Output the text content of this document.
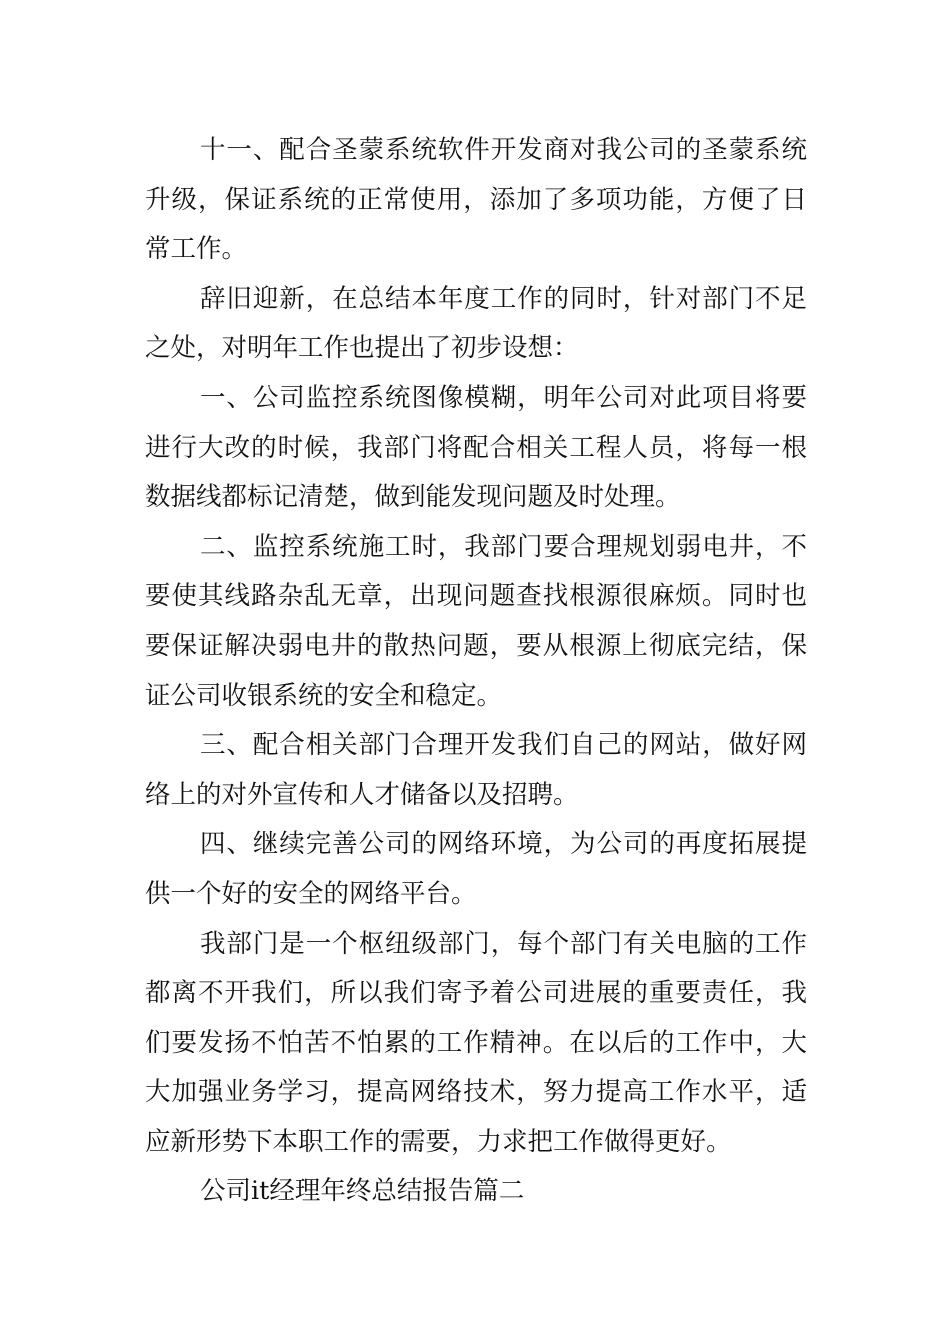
十一、配合圣蒙系统软件开发商对我公司的圣蒙系统升级，保证系统的正常使用，添加了多项功能，方便了日常工作。

辞旧迎新，在总结本年度工作的同时，针对部门不足之处，对明年工作也提出了初步设想：

一、公司监控系统图像模糊，明年公司对此项目将要进行大改的时候，我部门将配合相关工程人员，将每一根数据线都标记清楚，做到能发现问题及时处理。

二、监控系统施工时，我部门要合理规划弱电井，不要使其线路杂乱无章，出现问题查找根源很麻烦。同时也要保证解决弱电井的散热问题，要从根源上彻底完结，保证公司收银系统的安全和稳定。

三、配合相关部门合理开发我们自己的网站，做好网络上的对外宣传和人才储备以及招聘。

四、继续完善公司的网络环境，为公司的再度拓展提供一个好的安全的网络平台。

我部门是一个枢纽级部门，每个部门有关电脑的工作都离不开我们，所以我们寄予着公司进展的重要责任，我们要发扬不怕苦不怕累的工作精神。在以后的工作中，大大加强业务学习，提高网络技术，努力提高工作水平，适应新形势下本职工作的需要，力求把工作做得更好。

公司it经理年终总结报告篇二
